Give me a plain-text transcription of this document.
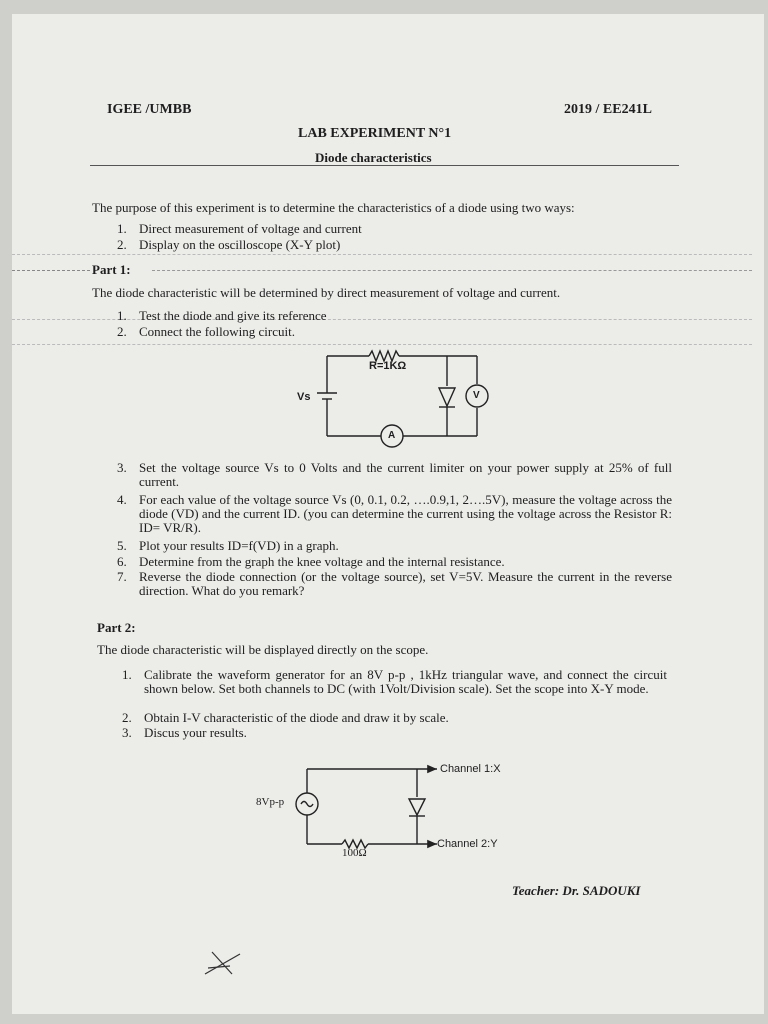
IGEE /UMBB	2019 / EE241L
LAB EXPERIMENT N°1
Diode characteristics
The purpose of this experiment is to determine the characteristics of a diode using two ways:
1. Direct measurement of voltage and current
2. Display on the oscilloscope (X-Y plot)
Part 1:
The diode characteristic will be determined by direct measurement of voltage and current.
1. Test the diode and give its reference
2. Connect the following circuit.
R=1KΩ
Vs	V
A
3. Set the voltage source Vs to 0 Volts and the current limiter on your power supply at 25% of full current.
4. For each value of the voltage source Vs (0, 0.1, 0.2, ….0.9,1, 2….5V), measure the voltage across the diode (VD) and the current ID. (you can determine the current using the voltage across the Resistor R: ID= VR/R).
5. Plot your results ID=f(VD) in a graph.
6. Determine from the graph the knee voltage and the internal resistance.
7. Reverse the diode connection (or the voltage source), set V=5V. Measure the current in the reverse direction. What do you remark?
Part 2:
The diode characteristic will be displayed directly on the scope.
1. Calibrate the waveform generator for an 8V p-p , 1kHz triangular wave, and connect the circuit shown below. Set both channels to DC (with 1Volt/Division scale). Set the scope into X-Y mode.
2. Obtain I-V characteristic of the diode and draw it by scale.
3. Discus your results.
8Vp-p
100Ω
Channel 1:X
Channel 2:Y
Teacher: Dr. SADOUKI
